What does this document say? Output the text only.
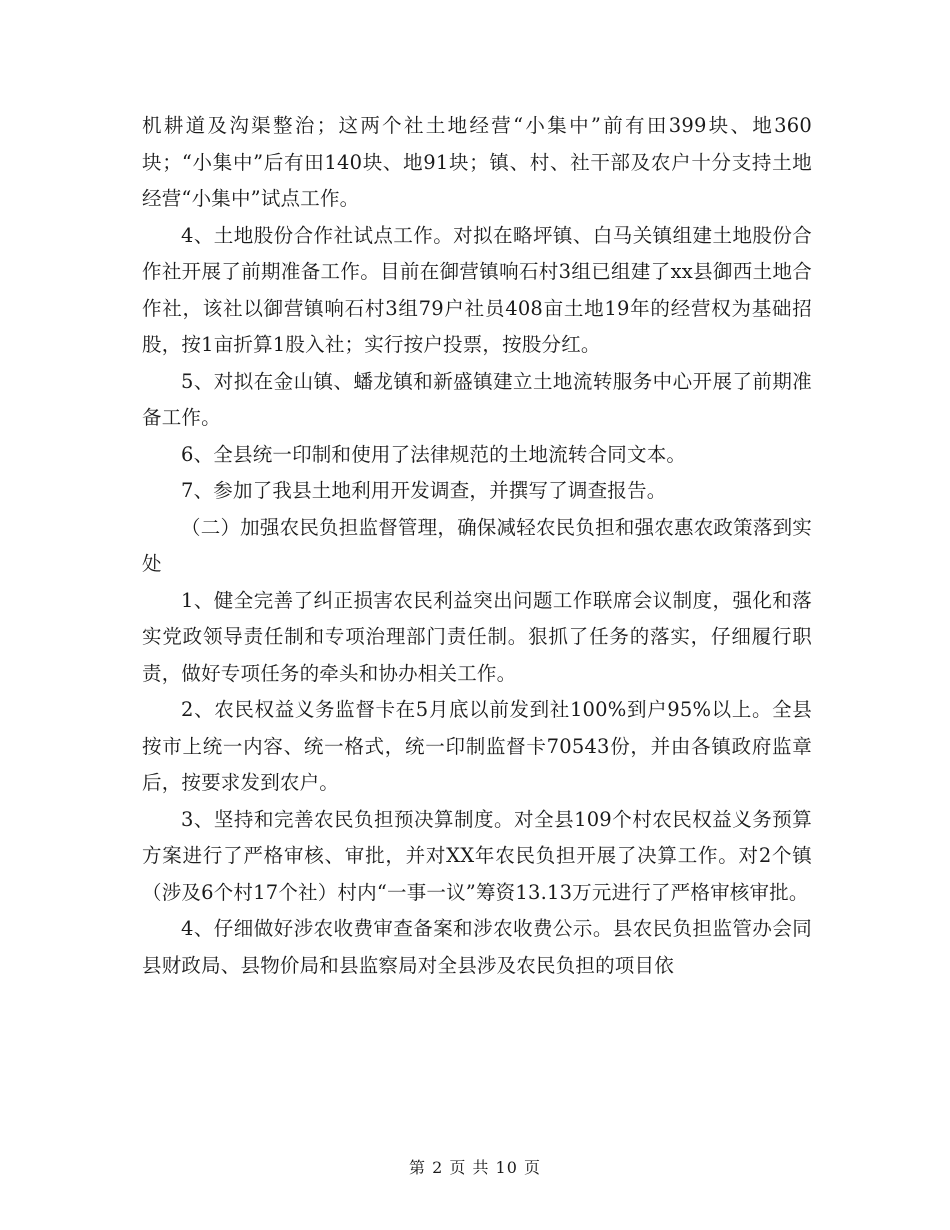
机耕道及沟渠整治；这两个社土地经营“小集中”前有田399块、地360块；“小集中”后有田140块、地91块；镇、村、社干部及农户十分支持土地经营“小集中”试点工作。

4、土地股份合作社试点工作。对拟在略坪镇、白马关镇组建土地股份合作社开展了前期准备工作。目前在御营镇响石村3组已组建了xx县御西土地合作社，该社以御营镇响石村3组79户社员408亩土地19年的经营权为基础招股，按1亩折算1股入社；实行按户投票，按股分红。

5、对拟在金山镇、蟠龙镇和新盛镇建立土地流转服务中心开展了前期准备工作。

6、全县统一印制和使用了法律规范的土地流转合同文本。

7、参加了我县土地利用开发调查，并撰写了调查报告。

（二）加强农民负担监督管理，确保减轻农民负担和强农惠农政策落到实处

1、健全完善了纠正损害农民利益突出问题工作联席会议制度，强化和落实党政领导责任制和专项治理部门责任制。狠抓了任务的落实，仔细履行职责，做好专项任务的牵头和协办相关工作。

2、农民权益义务监督卡在5月底以前发到社100%到户95%以上。全县按市上统一内容、统一格式，统一印制监督卡70543份，并由各镇政府监章后，按要求发到农户。

3、坚持和完善农民负担预决算制度。对全县109个村农民权益义务预算方案进行了严格审核、审批，并对XX年农民负担开展了决算工作。对2个镇（涉及6个村17个社）村内“一事一议”筹资13.13万元进行了严格审核审批。

4、仔细做好涉农收费审查备案和涉农收费公示。县农民负担监管办会同县财政局、县物价局和县监察局对全县涉及农民负担的项目依

第 2 页 共 10 页
